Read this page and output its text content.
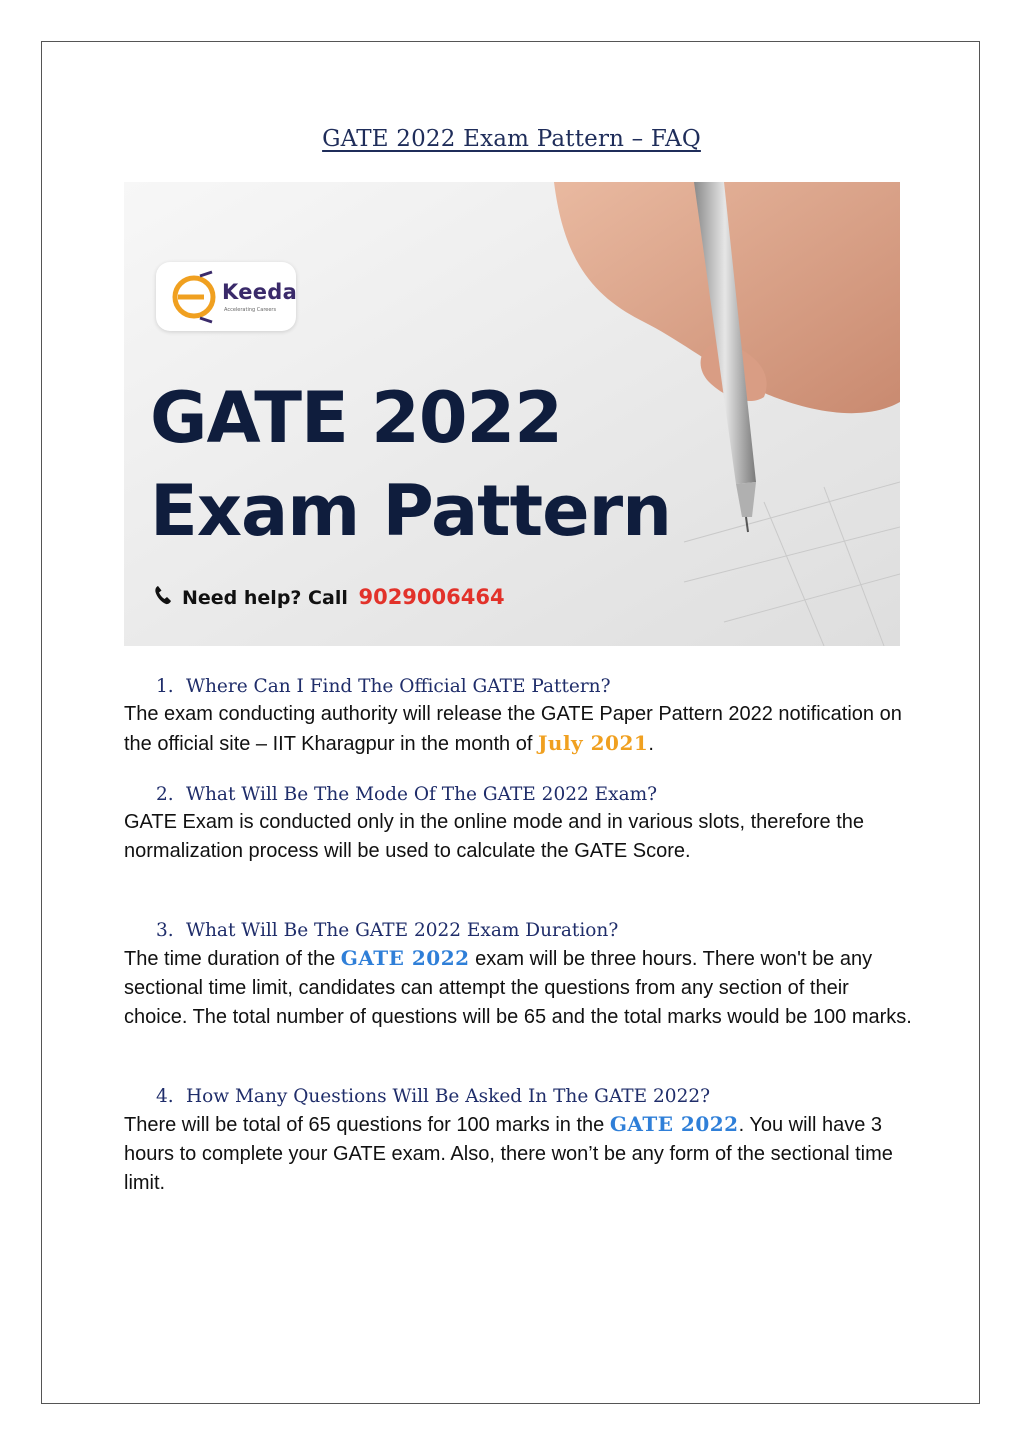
GATE 2022 Exam Pattern – FAQ
Keeda
Accelerating Careers
GATE 2022
Exam Pattern
Need help? Call 9029006464
1. Where Can I Find The Official GATE Pattern?
The exam conducting authority will release the GATE Paper Pattern 2022 notification on the official site – IIT Kharagpur in the month of July 2021.
2. What Will Be The Mode Of The GATE 2022 Exam?
GATE Exam is conducted only in the online mode and in various slots, therefore the normalization process will be used to calculate the GATE Score.
3. What Will Be The GATE 2022 Exam Duration?
The time duration of the GATE 2022 exam will be three hours. There won't be any sectional time limit, candidates can attempt the questions from any section of their choice. The total number of questions will be 65 and the total marks would be 100 marks.
4. How Many Questions Will Be Asked In The GATE 2022?
There will be total of 65 questions for 100 marks in the GATE 2022. You will have 3 hours to complete your GATE exam. Also, there won’t be any form of the sectional time limit.
